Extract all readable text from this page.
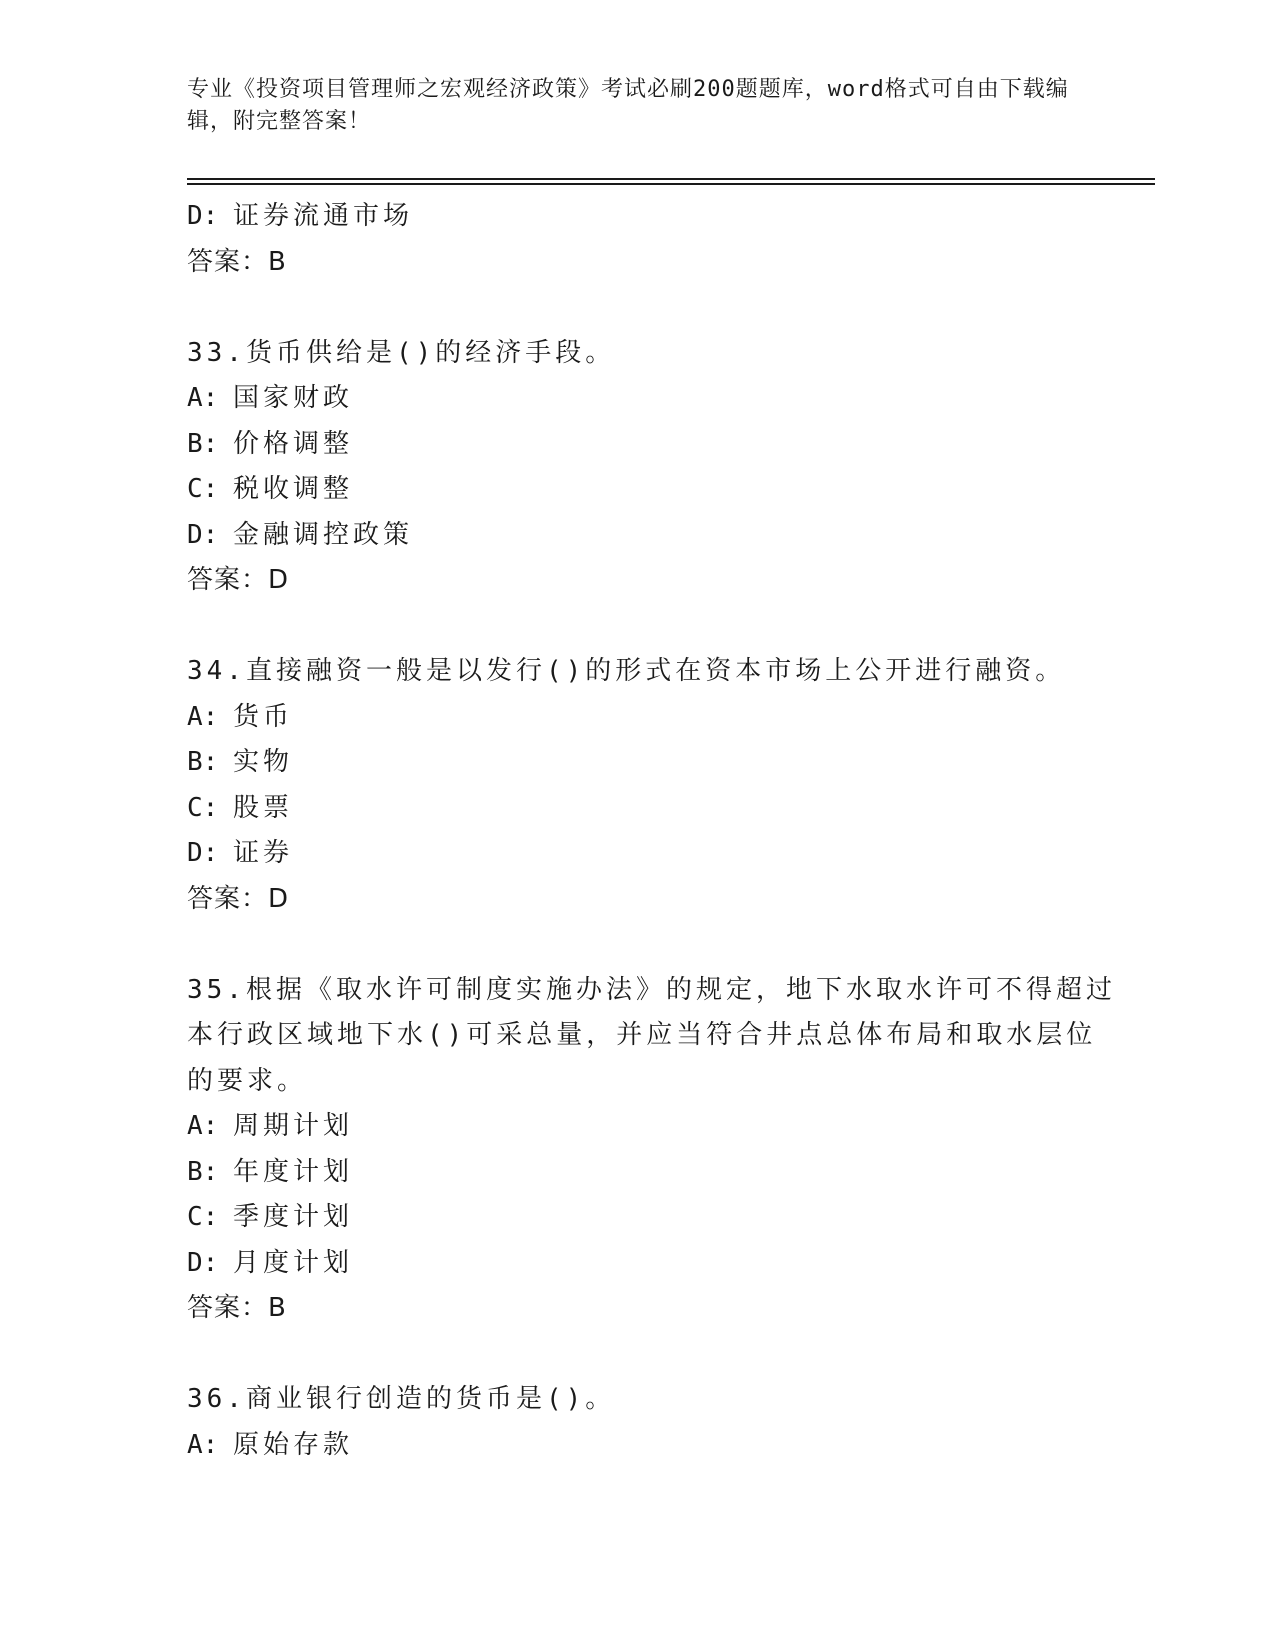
专业《投资项目管理师之宏观经济政策》考试必刷200题题库，word格式可自由下载编辑，附完整答案！
D: 证券流通市场
答案：B
33.货币供给是()的经济手段。
A: 国家财政
B: 价格调整
C: 税收调整
D: 金融调控政策
答案：D
34.直接融资一般是以发行()的形式在资本市场上公开进行融资。
A: 货币
B: 实物
C: 股票
D: 证券
答案：D
35.根据《取水许可制度实施办法》的规定，地下水取水许可不得超过
本行政区域地下水()可采总量，并应当符合井点总体布局和取水层位
的要求。
A: 周期计划
B: 年度计划
C: 季度计划
D: 月度计划
答案：B
36.商业银行创造的货币是()。
A: 原始存款
